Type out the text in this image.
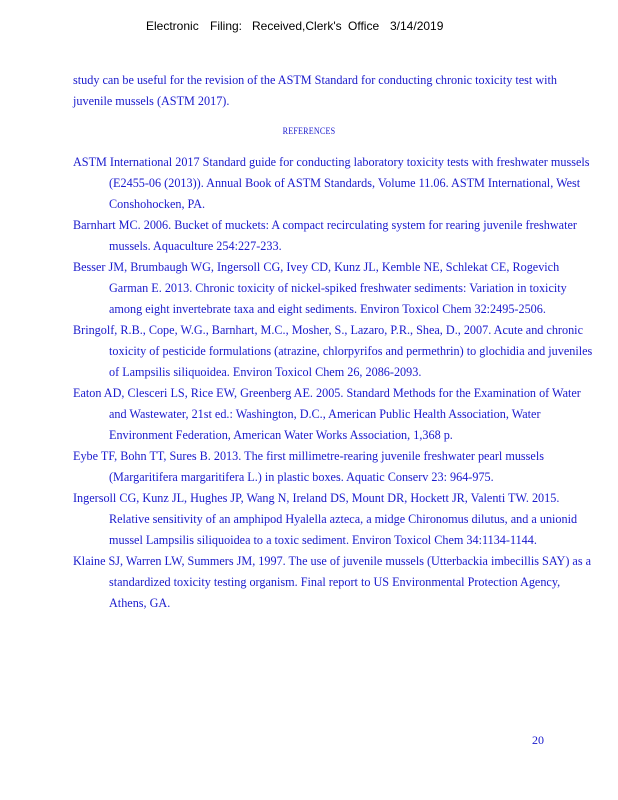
Electronic Filing: Received,Clerk's Office 3/14/2019

study can be useful for the revision of the ASTM Standard for conducting chronic toxicity test with juvenile mussels (ASTM 2017).

REFERENCES

ASTM International 2017 Standard guide for conducting laboratory toxicity tests with freshwater mussels (E2455-06 (2013)). Annual Book of ASTM Standards, Volume 11.06. ASTM International, West Conshohocken, PA.

Barnhart MC. 2006. Bucket of muckets: A compact recirculating system for rearing juvenile freshwater mussels. Aquaculture 254:227-233.

Besser JM, Brumbaugh WG, Ingersoll CG, Ivey CD, Kunz JL, Kemble NE, Schlekat CE, Rogevich Garman E. 2013. Chronic toxicity of nickel-spiked freshwater sediments: Variation in toxicity among eight invertebrate taxa and eight sediments. Environ Toxicol Chem 32:2495-2506.

Bringolf, R.B., Cope, W.G., Barnhart, M.C., Mosher, S., Lazaro, P.R., Shea, D., 2007. Acute and chronic toxicity of pesticide formulations (atrazine, chlorpyrifos and permethrin) to glochidia and juveniles of Lampsilis siliquoidea. Environ Toxicol Chem 26, 2086-2093.

Eaton AD, Clesceri LS, Rice EW, Greenberg AE. 2005. Standard Methods for the Examination of Water and Wastewater, 21st ed.: Washington, D.C., American Public Health Association, Water Environment Federation, American Water Works Association, 1,368 p.

Eybe TF, Bohn TT, Sures B. 2013. The first millimetre-rearing juvenile freshwater pearl mussels (Margaritifera margaritifera L.) in plastic boxes. Aquatic Conserv 23: 964-975.

Ingersoll CG, Kunz JL, Hughes JP, Wang N, Ireland DS, Mount DR, Hockett JR, Valenti TW. 2015. Relative sensitivity of an amphipod Hyalella azteca, a midge Chironomus dilutus, and a unionid mussel Lampsilis siliquoidea to a toxic sediment. Environ Toxicol Chem 34:1134-1144.

Klaine SJ, Warren LW, Summers JM, 1997. The use of juvenile mussels (Utterbackia imbecillis SAY) as a standardized toxicity testing organism. Final report to US Environmental Protection Agency, Athens, GA.

20
